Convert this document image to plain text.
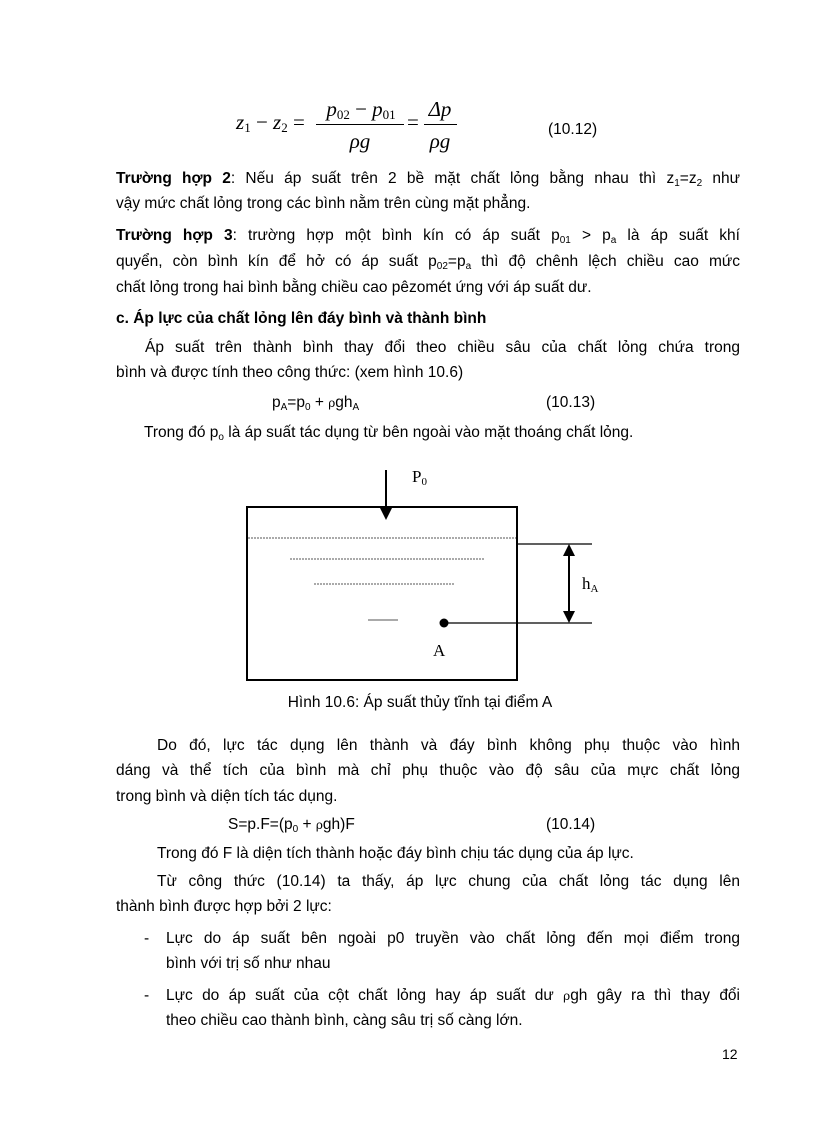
$z_1 - z_2$ =
$p_{02} - p_{01}$
ρg
=
Δp
ρg	(10.12)
Trường hợp 2: Nếu áp suất trên 2 bề mặt chất lỏng bằng nhau thì $z_1=z_2$ như
vậy mức chất lỏng trong các bình nằm trên cùng mặt phẳng.
Trường hợp 3: trường hợp một bình kín có áp suất $p_{01} > p_a$ là áp suất khí
quyển, còn bình kín để hở có áp suất $p_{02}=p_a$ thì độ chênh lệch chiều cao mức
chất lỏng trong hai bình bằng chiều cao pêzomét ứng với áp suất dư.
c. Áp lực của chất lỏng lên đáy bình và thành bình
Áp suất trên thành bình thay đổi theo chiều sâu của chất lỏng chứa trong
bình và được tính theo công thức: (xem hình 10.6)
$p_A=p_0 + \rho gh_A$	(10.13)
Trong đó $p_o$ là áp suất tác dụng từ bên ngoài vào mặt thoáng chất lỏng.
$P_0$
$h_A$
A
Hình 10.6: Áp suất thủy tĩnh tại điểm A
Do đó, lực tác dụng lên thành và đáy bình không phụ thuộc vào hình
dáng và thể tích của bình mà chỉ phụ thuộc vào độ sâu của mực chất lỏng
trong bình và diện tích tác dụng.
$S=p.F=(p_0 + \rho gh)F$	(10.14)
Trong đó F là diện tích thành hoặc đáy bình chịu tác dụng của áp lực.
Từ công thức (10.14) ta thấy, áp lực chung của chất lỏng tác dụng lên
thành bình được hợp bởi 2 lực:
- Lực do áp suất bên ngoài p0 truyền vào chất lỏng đến mọi điểm trong
bình với trị số như nhau
- Lực do áp suất của cột chất lỏng hay áp suất dư ρgh gây ra thì thay đổi
theo chiều cao thành bình, càng sâu trị số càng lớn.
12
